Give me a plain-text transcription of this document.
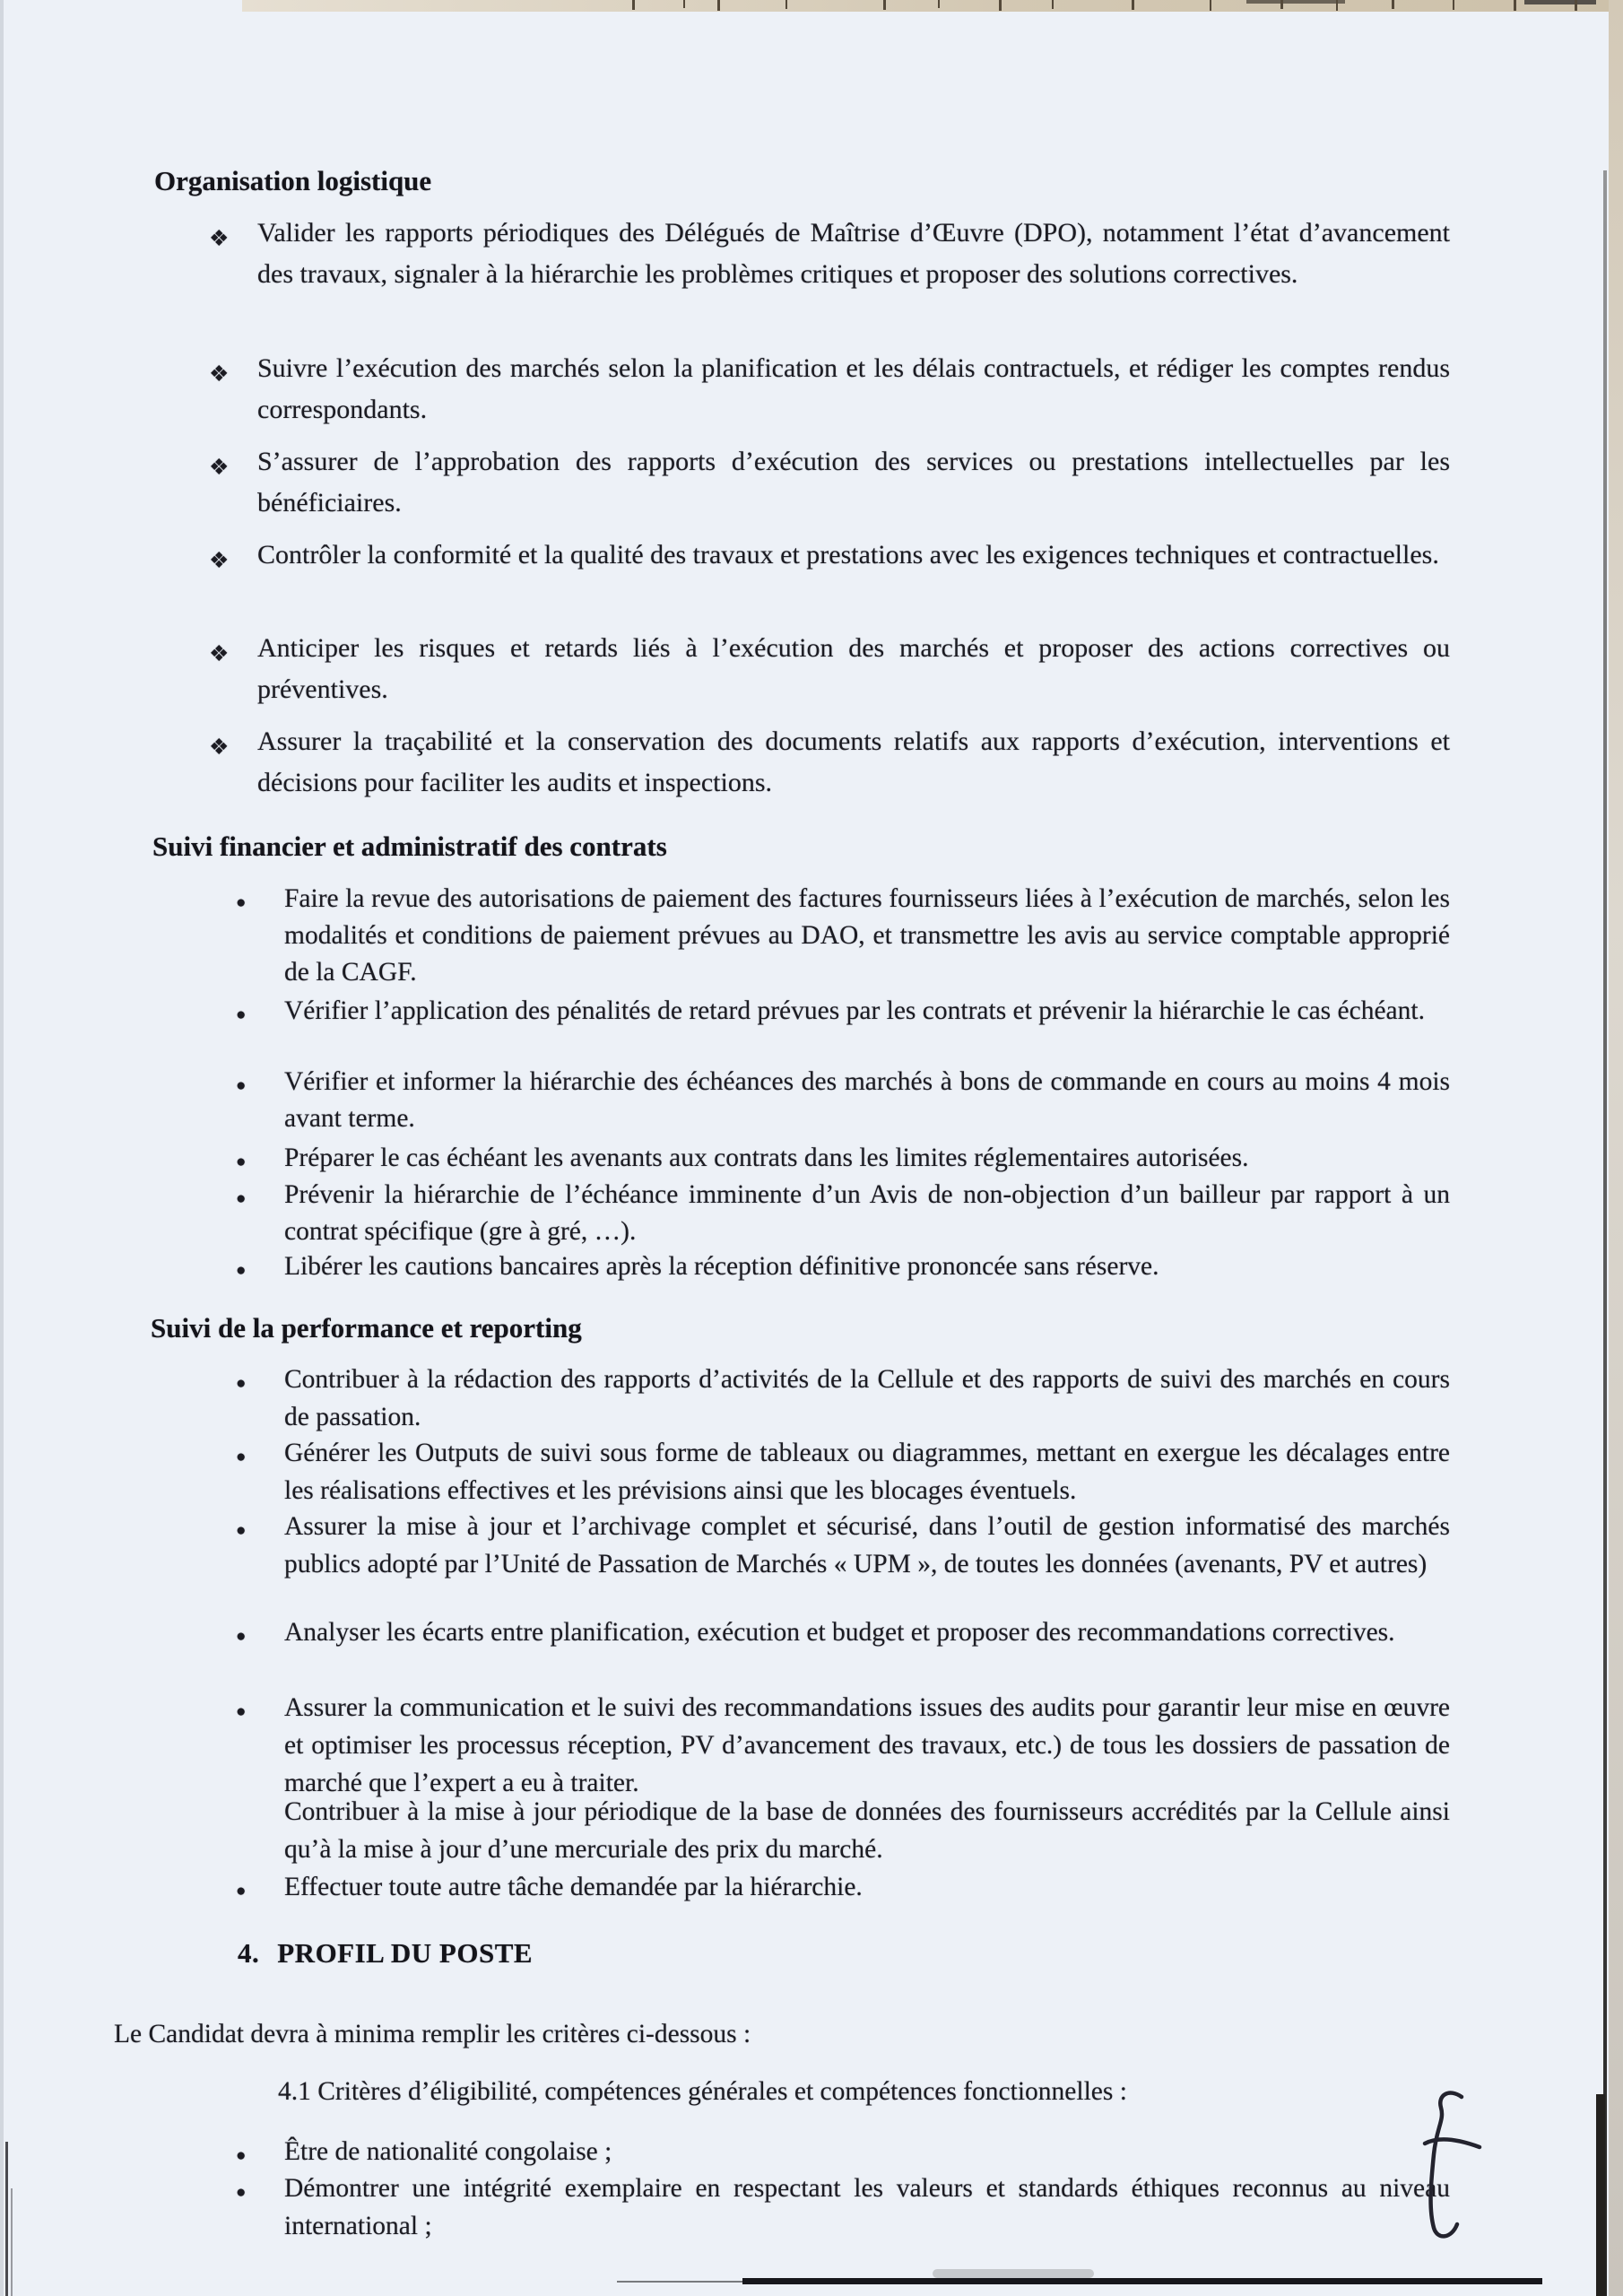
Organisation logistique
❖ Valider les rapports périodiques des Délégués de Maîtrise d’Œuvre (DPO), notamment l’état d’avancement des travaux, signaler à la hiérarchie les problèmes critiques et proposer des solutions correctives.
❖ Suivre l’exécution des marchés selon la planification et les délais contractuels, et rédiger les comptes rendus correspondants.
❖ S’assurer de l’approbation des rapports d’exécution des services ou prestations intellectuelles par les bénéficiaires.
❖ Contrôler la conformité et la qualité des travaux et prestations avec les exigences techniques et contractuelles.
❖ Anticiper les risques et retards liés à l’exécution des marchés et proposer des actions correctives ou préventives.
❖ Assurer la traçabilité et la conservation des documents relatifs aux rapports d’exécution, interventions et décisions pour faciliter les audits et inspections.
Suivi financier et administratif des contrats
● Faire la revue des autorisations de paiement des factures fournisseurs liées à l’exécution de marchés, selon les modalités et conditions de paiement prévues au DAO, et transmettre les avis au service comptable approprié de la CAGF.
● Vérifier l’application des pénalités de retard prévues par les contrats et prévenir la hiérarchie le cas échéant.
● Vérifier et informer la hiérarchie des échéances des marchés à bons de commande en cours au moins 4 mois avant terme.
● Préparer le cas échéant les avenants aux contrats dans les limites réglementaires autorisées.
● Prévenir la hiérarchie de l’échéance imminente d’un Avis de non-objection d’un bailleur par rapport à un contrat spécifique (gre à gré, …).
● Libérer les cautions bancaires après la réception définitive prononcée sans réserve.
Suivi de la performance et reporting
● Contribuer à la rédaction des rapports d’activités de la Cellule et des rapports de suivi des marchés en cours de passation.
● Générer les Outputs de suivi sous forme de tableaux ou diagrammes, mettant en exergue les décalages entre les réalisations effectives et les prévisions ainsi que les blocages éventuels.
● Assurer la mise à jour et l’archivage complet et sécurisé, dans l’outil de gestion informatisé des marchés publics adopté par l’Unité de Passation de Marchés « UPM », de toutes les données (avenants, PV et autres)
● Analyser les écarts entre planification, exécution et budget et proposer des recommandations correctives.
● Assurer la communication et le suivi des recommandations issues des audits pour garantir leur mise en œuvre et optimiser les processus réception, PV d’avancement des travaux, etc.) de tous les dossiers de passation de marché que l’expert a eu à traiter.
Contribuer à la mise à jour périodique de la base de données des fournisseurs accrédités par la Cellule ainsi qu’à la mise à jour d’une mercuriale des prix du marché.
● Effectuer toute autre tâche demandée par la hiérarchie.
4. PROFIL DU POSTE
Le Candidat devra à minima remplir les critères ci-dessous :
4.1 Critères d’éligibilité, compétences générales et compétences fonctionnelles :
● Être de nationalité congolaise ;
● Démontrer une intégrité exemplaire en respectant les valeurs et standards éthiques reconnus au niveau international ;
